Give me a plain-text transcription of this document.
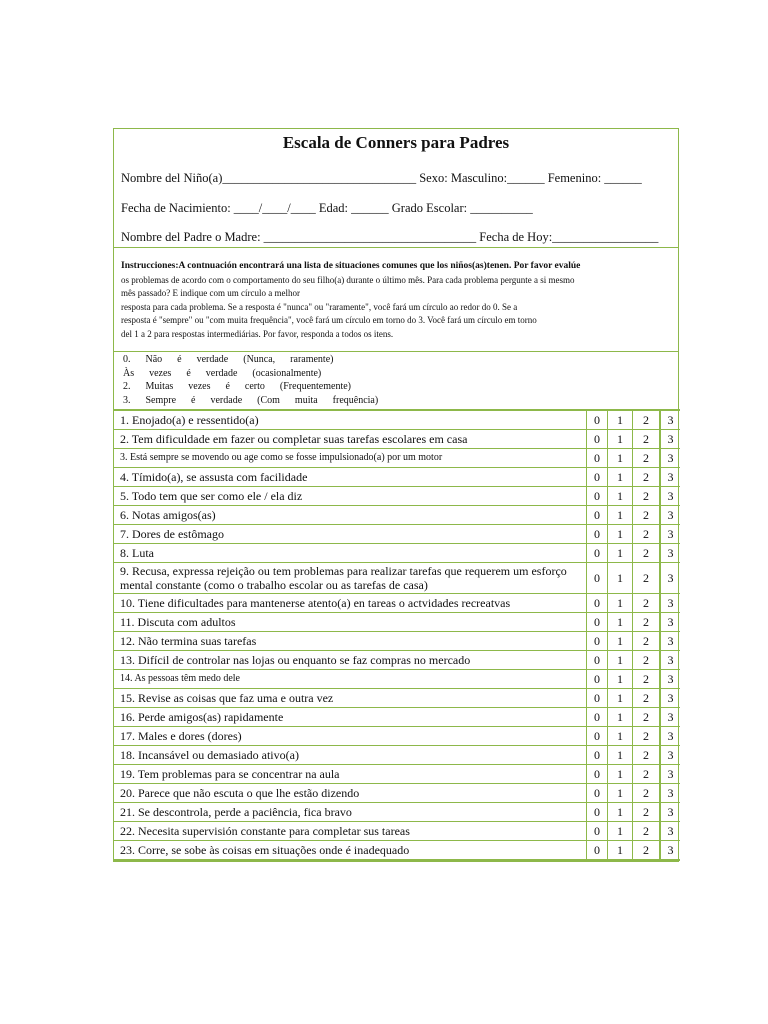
Escala de Conners para Padres
Nombre del Niño(a)_______________________________ Sexo: Masculino:______ Femenino: ______
Fecha de Nacimiento: ____/____/____ Edad: ______ Grado Escolar: __________
Nombre del Padre o Madre: __________________________________ Fecha de Hoy:_________________
Instrucciones:A contnuación encontrará una lista de situaciones comunes que los niños(as)tenen. Por favor evalúe
os problemas de acordo com o comportamento do seu filho(a) durante o último mês. Para cada problema pergunte a si mesmo
mês passado? E indique com um círculo a melhor
resposta para cada problema. Se a resposta é "nunca" ou "raramente", você fará um círculo ao redor do 0. Se a
resposta é "sempre" ou "com muita frequência", você fará um círculo em torno do 3. Você fará um círculo em torno
del 1 a 2 para respostas intermediárias. Por favor, responda a todos os itens.
0.      Não      é      verdade      (Nunca,      raramente)
Às      vezes      é      verdade      (ocasionalmente)
2.      Muitas      vezes      é      certo      (Frequentemente)
3.      Sempre      é      verdade      (Com      muita      frequência)
1. Enojado(a) e ressentido(a)	0	1	2	3
2. Tem dificuldade em fazer ou completar suas tarefas escolares em casa	0	1	2	3
3. Está sempre se movendo ou age como se fosse impulsionado(a) por um motor	0	1	2	3
4. Tímido(a), se assusta com facilidade	0	1	2	3
5. Todo tem que ser como ele / ela diz	0	1	2	3
6. Notas amigos(as)	0	1	2	3
7. Dores de estômago	0	1	2	3
8. Luta	0	1	2	3
9. Recusa, expressa rejeição ou tem problemas para realizar tarefas que requerem um esforço mental constante (como o trabalho escolar ou as tarefas de casa)	0	1	2	3
10. Tiene dificultades para mantenerse atento(a) en tareas o actvidades recreatvas	0	1	2	3
11. Discuta com adultos	0	1	2	3
12. Não termina suas tarefas	0	1	2	3
13. Difícil de controlar nas lojas ou enquanto se faz compras no mercado	0	1	2	3
14. As pessoas têm medo dele	0	1	2	3
15. Revise as coisas que faz uma e outra vez	0	1	2	3
16. Perde amigos(as) rapidamente	0	1	2	3
17. Males e dores (dores)	0	1	2	3
18. Incansável ou demasiado ativo(a)	0	1	2	3
19. Tem problemas para se concentrar na aula	0	1	2	3
20. Parece que não escuta o que lhe estão dizendo	0	1	2	3
21. Se descontrola, perde a paciência, fica bravo	0	1	2	3
22. Necesita supervisión constante para completar sus tareas	0	1	2	3
23. Corre, se sobe às coisas em situações onde é inadequado	0	1	2	3
